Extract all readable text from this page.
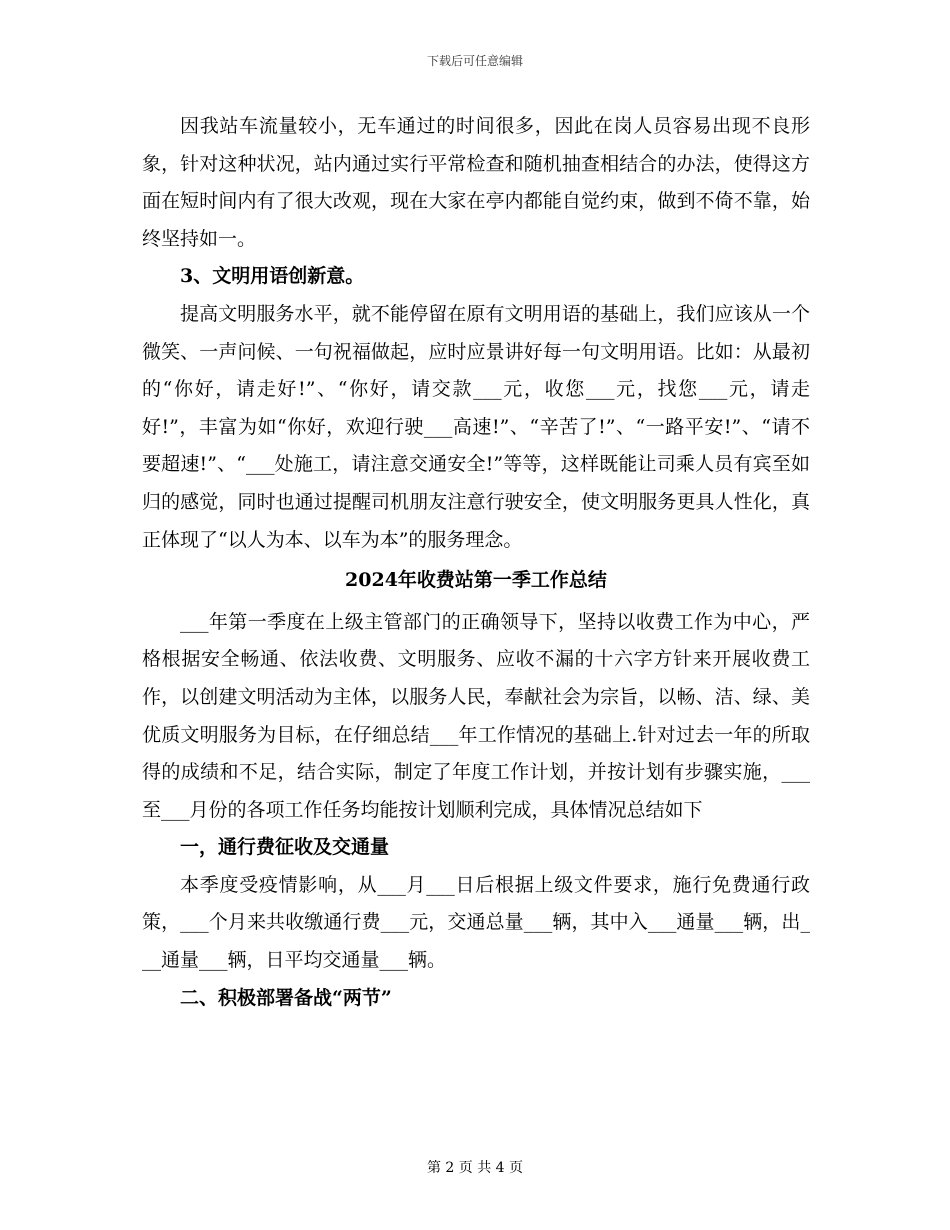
下载后可任意编辑

因我站车流量较小，无车通过的时间很多，因此在岗人员容易出现不良形象，针对这种状况，站内通过实行平常检查和随机抽查相结合的办法，使得这方面在短时间内有了很大改观，现在大家在亭内都能自觉约束，做到不倚不靠，始终坚持如一。

3、文明用语创新意。

提高文明服务水平，就不能停留在原有文明用语的基础上，我们应该从一个微笑、一声问候、一句祝福做起，应时应景讲好每一句文明用语。比如：从最初的“你好，请走好!”、“你好，请交款___元，收您___元，找您___元，请走好!”，丰富为如“你好，欢迎行驶___高速!”、“辛苦了!”、“一路平安!”、“请不要超速!”、“___处施工，请注意交通安全!”等等，这样既能让司乘人员有宾至如归的感觉，同时也通过提醒司机朋友注意行驶安全，使文明服务更具人性化，真正体现了“以人为本、以车为本”的服务理念。

2024年收费站第一季工作总结

___年第一季度在上级主管部门的正确领导下，坚持以收费工作为中心，严格根据安全畅通、依法收费、文明服务、应收不漏的十六字方针来开展收费工作，以创建文明活动为主体，以服务人民，奉献社会为宗旨，以畅、洁、绿、美优质文明服务为目标，在仔细总结___年工作情况的基础上.针对过去一年的所取得的成绩和不足，结合实际，制定了年度工作计划，并按计划有步骤实施，___至___月份的各项工作任务均能按计划顺利完成，具体情况总结如下

一，通行费征收及交通量

本季度受疫情影响，从___月___日后根据上级文件要求，施行免费通行政策，___个月来共收缴通行费___元，交通总量___辆，其中入___通量___辆，出___通量___辆，日平均交通量___辆。

二、积极部署备战“两节”

第 2 页 共 4 页
